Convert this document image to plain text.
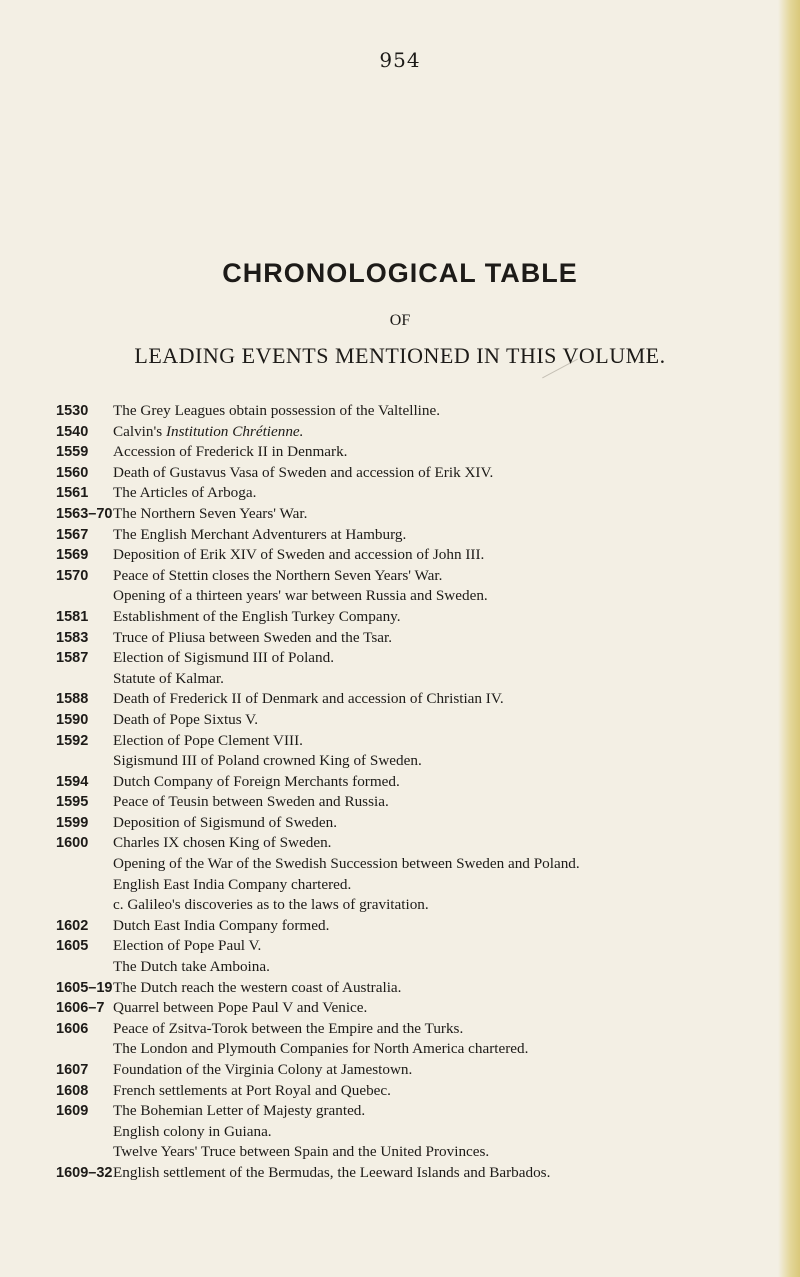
954
CHRONOLOGICAL TABLE
OF
LEADING EVENTS MENTIONED IN THIS VOLUME.
1530	The Grey Leagues obtain possession of the Valtelline.
1540	Calvin's Institution Chrétienne.
1559	Accession of Frederick II in Denmark.
1560	Death of Gustavus Vasa of Sweden and accession of Erik XIV.
1561	The Articles of Arboga.
1563–70 The Northern Seven Years' War.
1567	The English Merchant Adventurers at Hamburg.
1569	Deposition of Erik XIV of Sweden and accession of John III.
1570	Peace of Stettin closes the Northern Seven Years' War.
Opening of a thirteen years' war between Russia and Sweden.
1581	Establishment of the English Turkey Company.
1583	Truce of Pliusa between Sweden and the Tsar.
1587	Election of Sigismund III of Poland.
Statute of Kalmar.
1588	Death of Frederick II of Denmark and accession of Christian IV.
1590	Death of Pope Sixtus V.
1592	Election of Pope Clement VIII.
Sigismund III of Poland crowned King of Sweden.
1594	Dutch Company of Foreign Merchants formed.
1595	Peace of Teusin between Sweden and Russia.
1599	Deposition of Sigismund of Sweden.
1600	Charles IX chosen King of Sweden.
Opening of the War of the Swedish Succession between Sweden and Poland.
English East India Company chartered.
c. Galileo's discoveries as to the laws of gravitation.
1602	Dutch East India Company formed.
1605	Election of Pope Paul V.
The Dutch take Amboina.
1605–19 The Dutch reach the western coast of Australia.
1606–7 Quarrel between Pope Paul V and Venice.
1606	Peace of Zsitva-Torok between the Empire and the Turks.
The London and Plymouth Companies for North America chartered.
1607	Foundation of the Virginia Colony at Jamestown.
1608	French settlements at Port Royal and Quebec.
1609	The Bohemian Letter of Majesty granted.
English colony in Guiana.
Twelve Years' Truce between Spain and the United Provinces.
1609–32 English settlement of the Bermudas, the Leeward Islands and Barbados.
